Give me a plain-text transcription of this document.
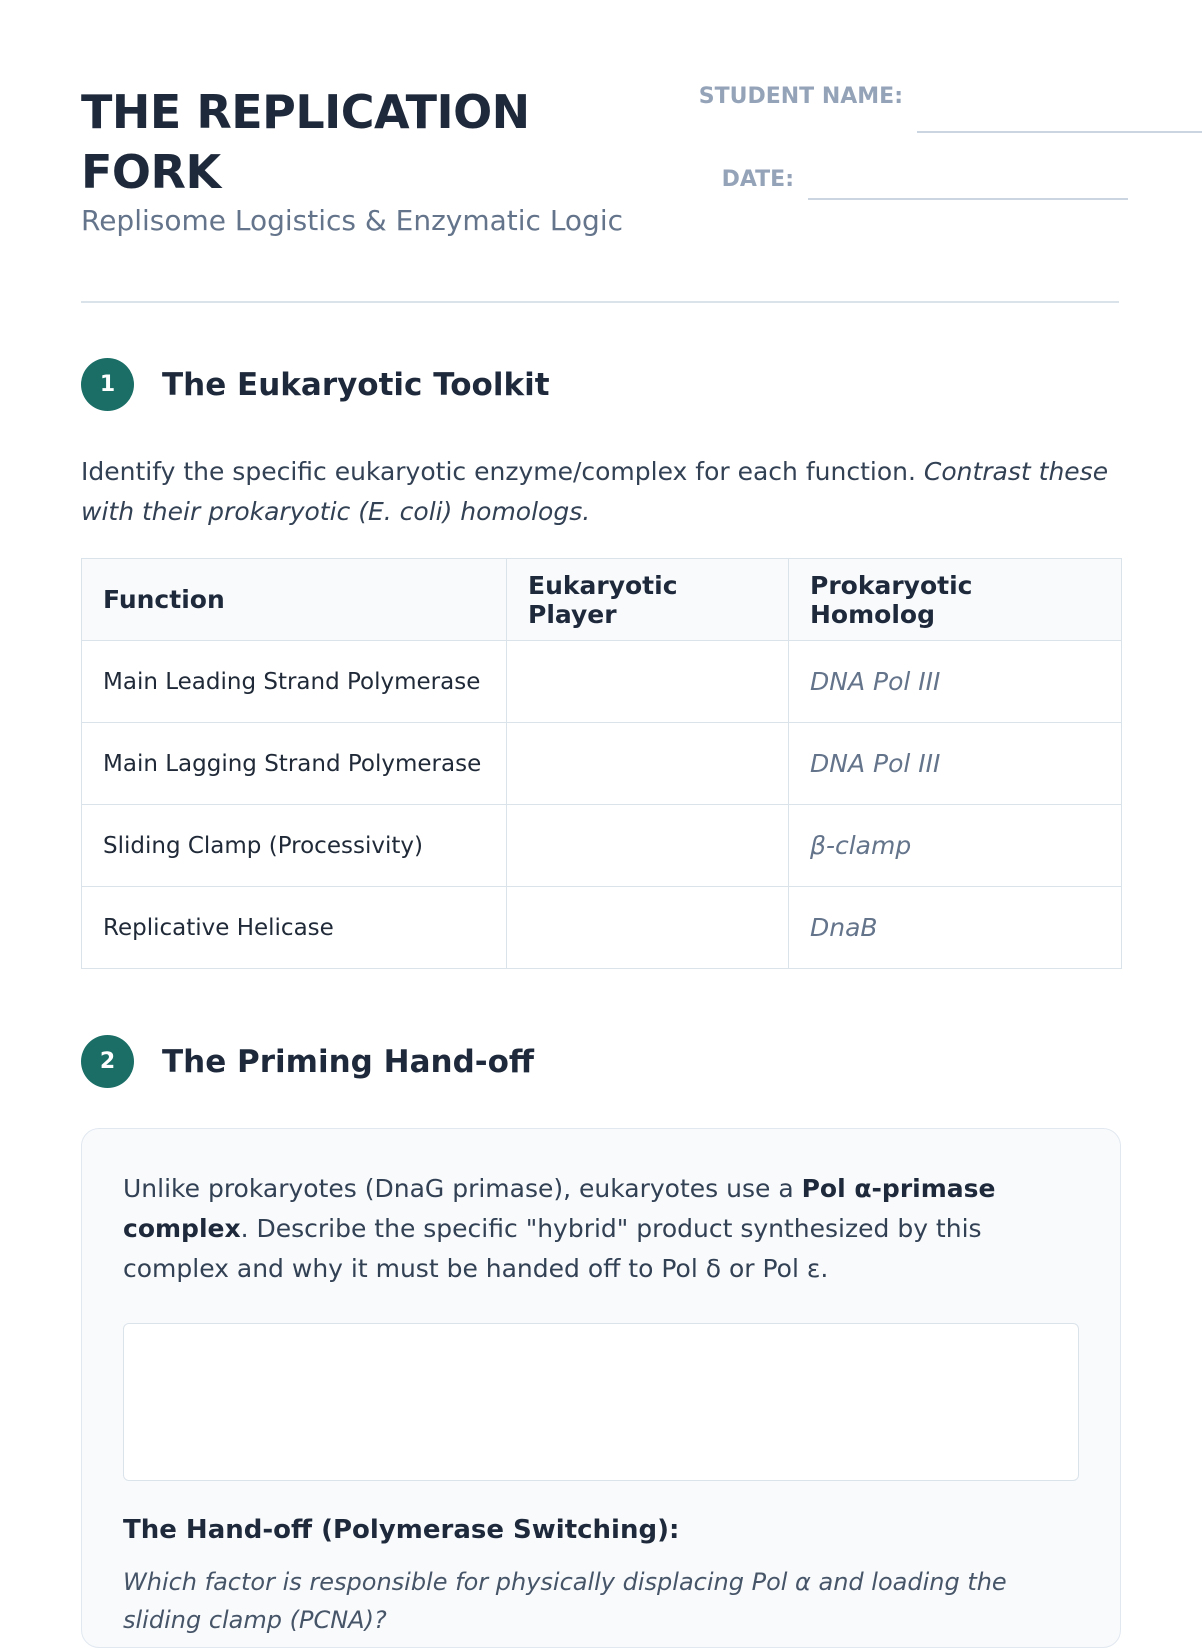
THE REPLICATION FORK
Replisome Logistics & Enzymatic Logic
STUDENT NAME:
DATE:
1	The Eukaryotic Toolkit

Identify the specific eukaryotic enzyme/complex for each function. Contrast these with their prokaryotic (E. coli) homologs.

Function	Eukaryotic Player	Prokaryotic Homolog
Main Leading Strand Polymerase		DNA Pol III
Main Lagging Strand Polymerase		DNA Pol III
Sliding Clamp (Processivity)		β-clamp
Replicative Helicase		DnaB
2	The Priming Hand-off

Unlike prokaryotes (DnaG primase), eukaryotes use a Pol α-primase complex. Describe the specific "hybrid" product synthesized by this complex and why it must be handed off to Pol δ or Pol ε.

The Hand-off (Polymerase Switching):

Which factor is responsible for physically displacing Pol α and loading the sliding clamp (PCNA)?
